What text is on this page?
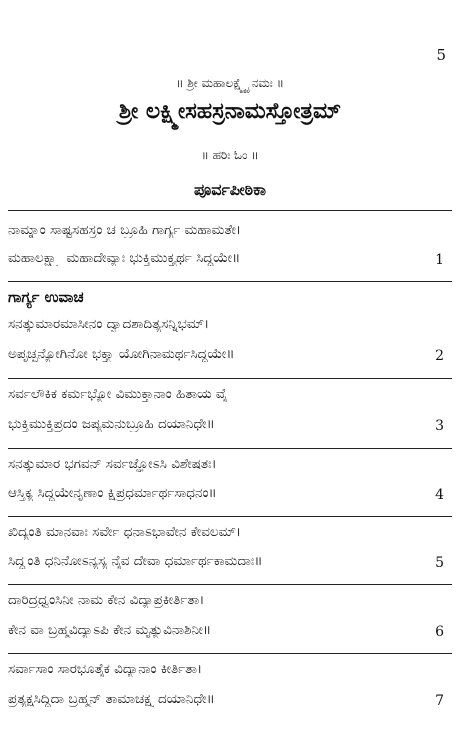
5
॥ ಶ್ರೀ ಮಹಾಲಕ್ಷ್ಮ್ಯೈ ನಮಃ ॥
ಶ್ರೀ ಲಕ್ಷ್ಮೀಸಹಸ್ರನಾಮಸ್ತೋತ್ರಮ್
॥ ಹರಿಃ ಓಂ ॥
ಪೂರ್ವಪೀಠಿಕಾ
ನಾಮ್ನಾಂ ಸಾಷ್ಟಸಹಸ್ರಂ ಚ ಬ್ರೂಹಿ ಗಾರ್ಗ್ಯ ಮಹಾಮತೇ।
ಮಹಾಲಕ್ಷ್ಮ್ಯಾ ಮಹಾದೇವ್ಯಾಃ ಭುಕ್ತಿಮುಕ್ತ್ಯರ್ಥ ಸಿದ್ಧಯೇ॥	1
ಗಾರ್ಗ್ಯ ಉವಾಚ
ಸನತ್ಕುಮಾರಮಾಸೀನಂ ದ್ವಾದಶಾದಿತ್ಯಸನ್ನಿಭಮ್।
ಅಪೃಚ್ಛನ್ಯೋಗಿನೋ ಭಕ್ತ್ಯಾ ಯೋಗಿನಾಮರ್ಥಸಿದ್ಧಯೇ॥	2
ಸರ್ವಲೌಕಿಕ ಕರ್ಮಭ್ಯೋ ವಿಮುಕ್ತಾನಾಂ ಹಿತಾಯ ವೈ
ಭುಕ್ತಿಮುಕ್ತಿಪ್ರದಂ ಜಪ್ಯಮನುಬ್ರೂಹಿ ದಯಾನಿಧೇ॥	3
ಸನತ್ಕುಮಾರ ಭಗವನ್ ಸರ್ವಜ್ಞೋಽಸಿ ವಿಶೇಷತಃ।
ಆಸ್ತಿಕ್ಯ ಸಿದ್ಧಯೇನೃಣಾಂ ಕ್ಷಿಪ್ರಧರ್ಮಾರ್ಥಸಾಧನಂ॥	4
ಖಿದ್ಯಂತಿ ಮಾನವಾಃ ಸರ್ವೇ ಧನಾಽಭಾವೇನ ಕೇವಲಮ್।
ಸಿದ್ಧ್ಯಂತಿ ಧನಿನೋಽನ್ಯಸ್ಯ ನೈವ ದೇವಾ ಧರ್ಮಾರ್ಥಕಾಮದಾಃ॥	5
ದಾರಿದ್ರ್ಯಧ್ವಂಸಿನೀ ನಾಮ ಕೇನ ವಿದ್ಯಾಪ್ರಕೀರ್ತಿತಾ।
ಕೇನ ವಾ ಬ್ರಹ್ಮವಿದ್ಯಾಽಪಿ ಕೇನ ಮೃತ್ಯುವಿನಾಶಿನೀ॥	6
ಸರ್ವಾಸಾಂ ಸಾರಭೂತೈಕ ವಿದ್ಯಾನಾಂ ಕೀರ್ತಿತಾ।
ಪ್ರತ್ಯಕ್ಷಸಿದ್ಧಿದಾ ಬ್ರಹ್ಮನ್ ತಾಮಾಚಕ್ಷ್ವ ದಯಾನಿಧೇ॥	7
